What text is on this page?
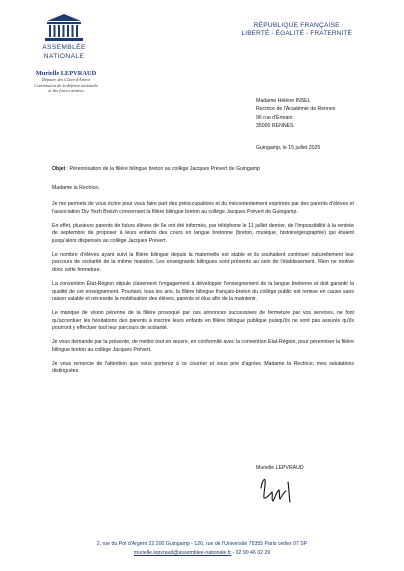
ASSEMBLÉE
NATIONALE
Murielle LEPVRAUD
Députée des Côtes-d'Armor
Commission de la défense nationale
et des forces armées
RÉPUBLIQUE FRANÇAISE
LIBERTÉ - ÉGALITÉ - FRATERNITÉ
Madame Hélène INSEL
Rectrice de l'Académie de Rennes
96 rue d'Entrain
35000 RENNES
Guingamp, le 15 juillet 2025
Objet : Pérennisation de la filière bilingue breton au collège Jacques Prévert de Guingamp
Madame la Rectrice,

Je me permets de vous écrire pour vous faire part des préoccupations et du mécontentement exprimés par des parents d'élèves et l'association Div Yezh Breizh concernant la filière bilingue breton au collège Jacques Prévert de Guingamp.

En effet, plusieurs parents de futurs élèves de 6e ont été informés, par téléphone le 11 juillet dernier, de l'impossibilité à la rentrée de septembre de proposer à leurs enfants des cours en langue bretonne (breton, musique, histoire/géographie) qui étaient jusqu'alors dispensés au collège Jacques Prévert.

Le nombre d'élèves ayant suivi la filière bilingue depuis la maternelle est stable et ils souhaitent continuer naturellement leur parcours de scolarité de la même manière. Les enseignants bilingues sont présents au sein de l'établissement. Rien ne motive donc cette fermeture.

La convention État-Région stipule clairement l'engagement à développer l'enseignement de la langue bretonne et doit garantir la qualité de cet enseignement. Pourtant, tous les ans, la filière bilingue français-breton du collège public est remise en cause sans raison valable et nécessite la mobilisation des élèves, parents et élus afin de la maintenir.

Le manque de vision pérenne de la filière provoqué par ces annonces successives de fermeture par vos services, ne font qu'accentuer les hésitations des parents à inscrire leurs enfants en filière bilingue publique puisqu'ils ne sont pas assurés qu'ils pourront y effectuer tout leur parcours de scolarité.

Je vous demande par la présente, de mettre tout en œuvre, en conformité avec la convention Etat-Région, pour pérenniser la filière bilingue breton au collège Jacques Prévert.

Je vous remercie de l'attention que vous porterez à ce courrier et vous prie d'agréer, Madame la Rectrice, mes salutations distinguées.

Murielle LEPVRAUD
2, rue du Pot d'Argent 22 200 Guingamp - 126, rue de l'Université 75355 Paris cedex 07 SP
murielle.lepvraud@assemblee-nationale.fr - 02 90 46 02 29
